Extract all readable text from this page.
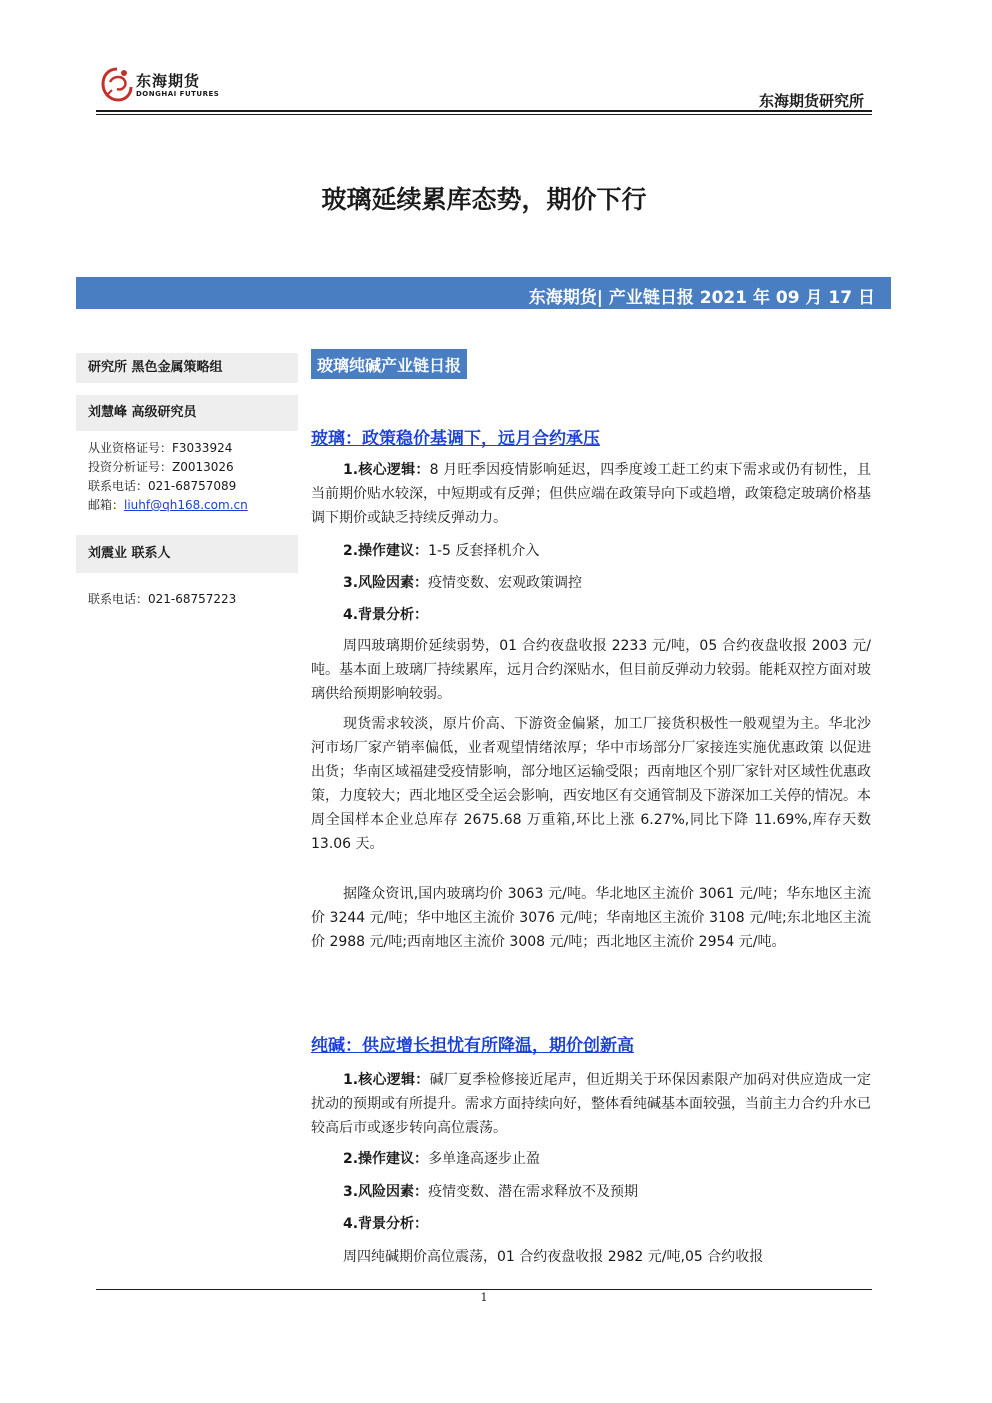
东海期货
DONGHAI FUTURES	东海期货研究所
玻璃延续累库态势，期价下行
东海期货| 产业链日报 2021 年 09 月 17 日
研究所 黑色金属策略组
刘慧峰 高级研究员
从业资格证号：F3033924
投资分析证号：Z0013026
联系电话：021-68757089
邮箱：liuhf@qh168.com.cn
刘震业 联系人
联系电话：021-68757223
玻璃纯碱产业链日报
玻璃：政策稳价基调下，远月合约承压
1.核心逻辑：8 月旺季因疫情影响延迟，四季度竣工赶工约束下需求或仍有韧性，且当前期价贴水较深，中短期或有反弹；但供应端在政策导向下或趋增，政策稳定玻璃价格基调下期价或缺乏持续反弹动力。
2.操作建议：1-5 反套择机介入
3.风险因素：疫情变数、宏观政策调控
4.背景分析：
周四玻璃期价延续弱势，01 合约夜盘收报 2233 元/吨，05 合约夜盘收报 2003 元/吨。基本面上玻璃厂持续累库，远月合约深贴水，但目前反弹动力较弱。能耗双控方面对玻璃供给预期影响较弱。
现货需求较淡，原片价高、下游资金偏紧，加工厂接货积极性一般观望为主。华北沙河市场厂家产销率偏低，业者观望情绪浓厚；华中市场部分厂家接连实施优惠政策 以促进出货；华南区域福建受疫情影响，部分地区运输受限；西南地区个别厂家针对区域性优惠政策，力度较大；西北地区受全运会影响，西安地区有交通管制及下游深加工关停的情况。本周全国样本企业总库存 2675.68 万重箱,环比上涨 6.27%,同比下降 11.69%,库存天数 13.06 天。
据隆众资讯,国内玻璃均价 3063 元/吨。华北地区主流价 3061 元/吨；华东地区主流价 3244 元/吨；华中地区主流价 3076 元/吨；华南地区主流价 3108 元/吨;东北地区主流价 2988 元/吨;西南地区主流价 3008 元/吨；西北地区主流价 2954 元/吨。
纯碱：供应增长担忧有所降温，期价创新高
1.核心逻辑：碱厂夏季检修接近尾声，但近期关于环保因素限产加码对供应造成一定扰动的预期或有所提升。需求方面持续向好，整体看纯碱基本面较强，当前主力合约升水已较高后市或逐步转向高位震荡。
2.操作建议：多单逢高逐步止盈
3.风险因素：疫情变数、潜在需求释放不及预期
4.背景分析：
周四纯碱期价高位震荡，01 合约夜盘收报 2982 元/吨,05 合约收报
1
